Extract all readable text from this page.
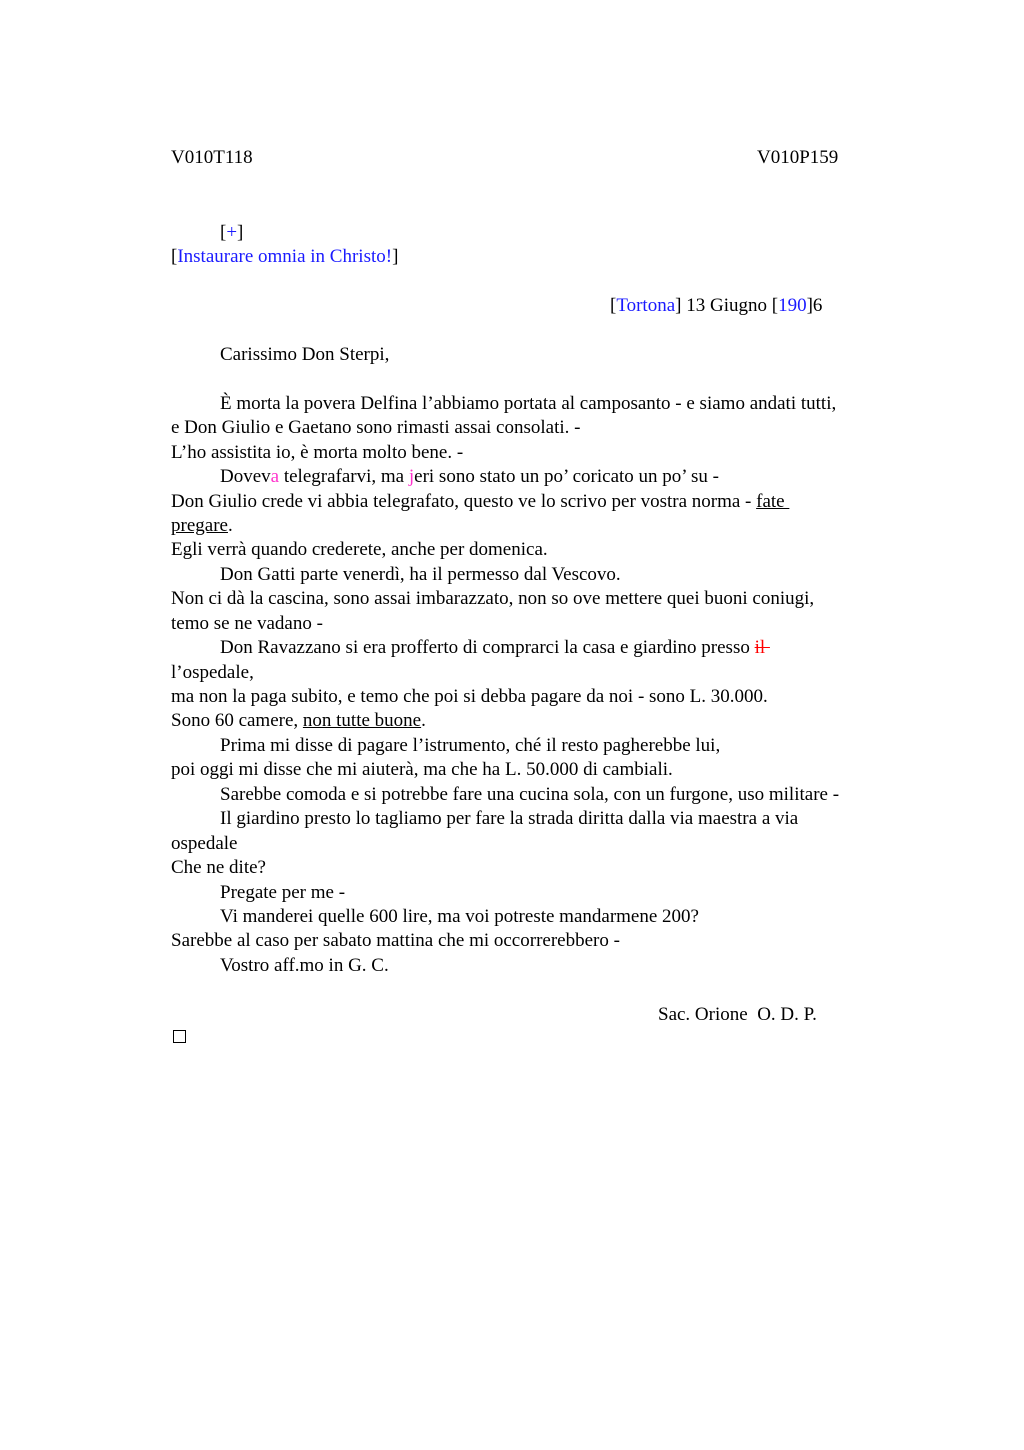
V010T118	V010P159
[+]
[Instaurare omnia in Christo!]
[Tortona] 13 Giugno [190]6
Carissimo Don Sterpi,
È morta la povera Delfina l’abbiamo portata al camposanto - e siamo andati tutti,
e Don Giulio e Gaetano sono rimasti assai consolati. -
L’ho assistita io, è morta molto bene. -
Doveva telegrafarvi, ma jeri sono stato un po’ coricato un po’ su -
Don Giulio crede vi abbia telegrafato, questo ve lo scrivo per vostra norma - fate
pregare.
Egli verrà quando crederete, anche per domenica.
Don Gatti parte venerdì, ha il permesso dal Vescovo.
Non ci dà la cascina, sono assai imbarazzato, non so ove mettere quei buoni coniugi,
temo se ne vadano -
Don Ravazzano si era profferto di comprarci la casa e giardino presso il
l’ospedale,
ma non la paga subito, e temo che poi si debba pagare da noi - sono L. 30.000.
Sono 60 camere, non tutte buone.
Prima mi disse di pagare l’istrumento, ché il resto pagherebbe lui,
poi oggi mi disse che mi aiuterà, ma che ha L. 50.000 di cambiali.
Sarebbe comoda e si potrebbe fare una cucina sola, con un furgone, uso militare -
Il giardino presto lo tagliamo per fare la strada diritta dalla via maestra a via
ospedale
Che ne dite?
Pregate per me -
Vi manderei quelle 600 lire, ma voi potreste mandarmene 200?
Sarebbe al caso per sabato mattina che mi occorrerebbero -
Vostro aff.mo in G. C.
Sac. Orione  O. D. P.
